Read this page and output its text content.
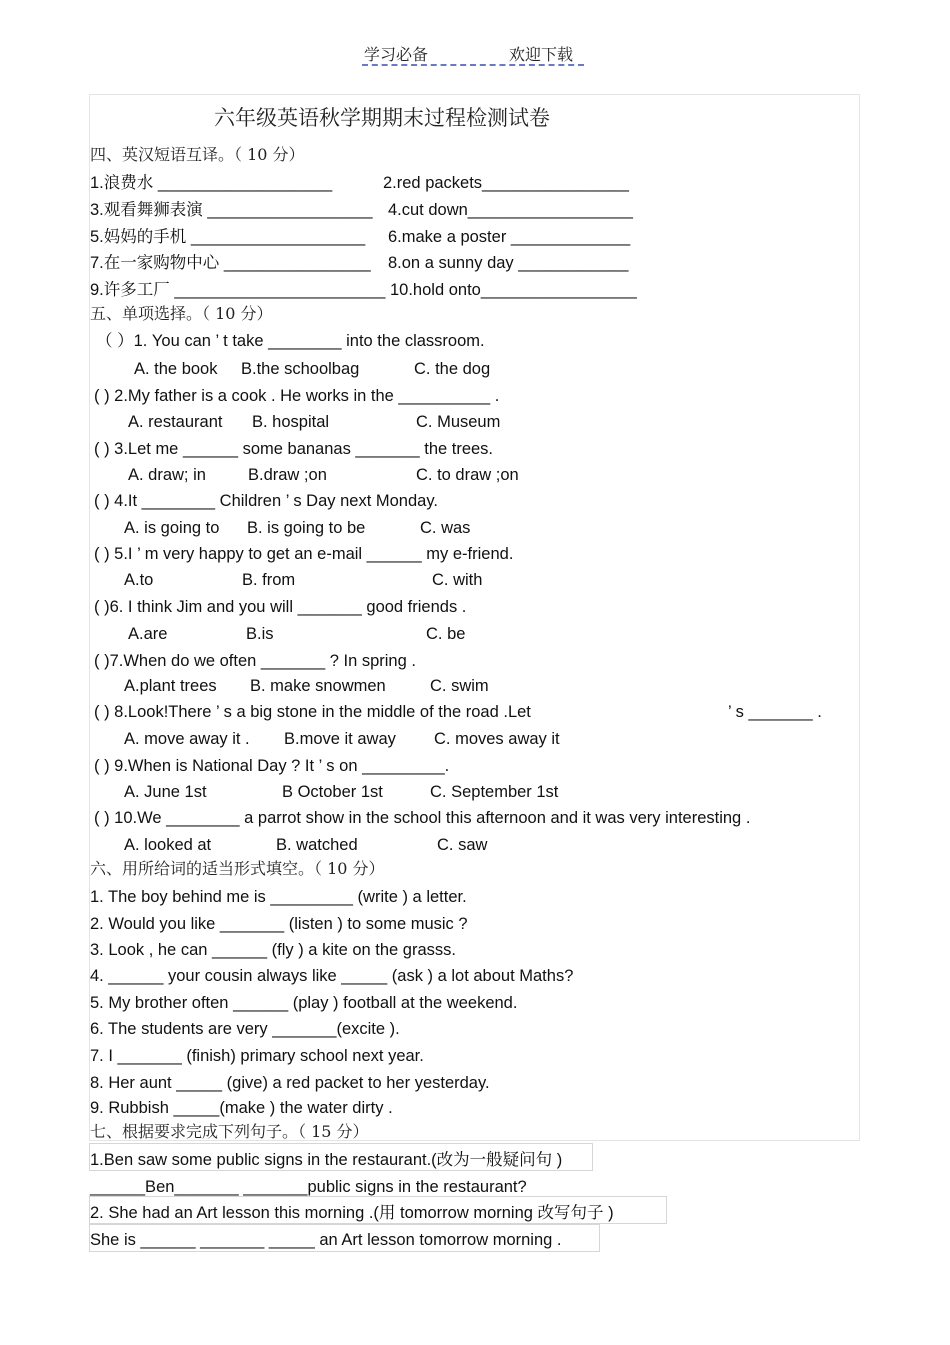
学习必备	欢迎下载
六年级英语秋学期期末过程检测试卷
四、英汉短语互译。（ 10 分）
1.浪费水 ___________________	2.red packets________________
3.观看舞狮表演 __________________ 4.cut down__________________
5.妈妈的手机 ___________________ 6.make a poster _____________
7.在一家购物中心 ________________ 8.on a sunny day ____________
9.许多工厂 _______________________ 10.hold onto_________________
五、单项选择。（ 10 分）
（ ）1. You can ’ t take ________ into the classroom.
A. the book B.the schoolbag	C. the dog
( ) 2.My father is a cook . He works in the __________ .
A. restaurant B. hospital	C. Museum
( ) 3.Let me ______ some bananas _______ the trees.
A. draw; in	B.draw ;on	C. to draw ;on
( ) 4.It ________ Children ’ s Day next Monday.
A. is going to B. is going to be	C. was
( ) 5.I ’ m very happy to get an e-mail ______ my e-friend.
A.to	B. from	C. with
( )6. I think Jim and you will _______ good friends .
A.are	B.is	C. be
( )7.When do we often _______ ? In spring .
A.plant trees B. make snowmen	C. swim
( ) 8.Look!There ’ s a big stone in the middle of the road .Let	’ s _______ .
A. move away it . B.move it away C. moves away it
( ) 9.When is National Day ? It ’ s on _________.
A. June 1st	B October 1st	C. September 1st
( ) 10.We ________ a parrot show in the school this afternoon and it was very interesting .
A. looked at	B. watched	C. saw
六、用所给词的适当形式填空。（ 10 分）
1. The boy behind me is _________ (write ) a letter.
2. Would you like _______ (listen ) to some music ?
3. Look , he can ______ (fly ) a kite on the grasss.
4. ______ your cousin always like _____ (ask ) a lot about Maths?
5. My brother often ______ (play ) football at the weekend.
6. The students are very _______(excite ).
7. I _______ (finish) primary school next year.
8. Her aunt _____ (give) a red packet to her yesterday.
9. Rubbish _____(make ) the water dirty .
七、根据要求完成下列句子。（ 15 分）
1.Ben saw some public signs in the restaurant.(改为一般疑问句 )
______Ben_______ _______public signs in the restaurant?
2. She had an Art lesson this morning .(用 tomorrow morning 改写句子 )
She is ______ _______ _____ an Art lesson tomorrow morning .
